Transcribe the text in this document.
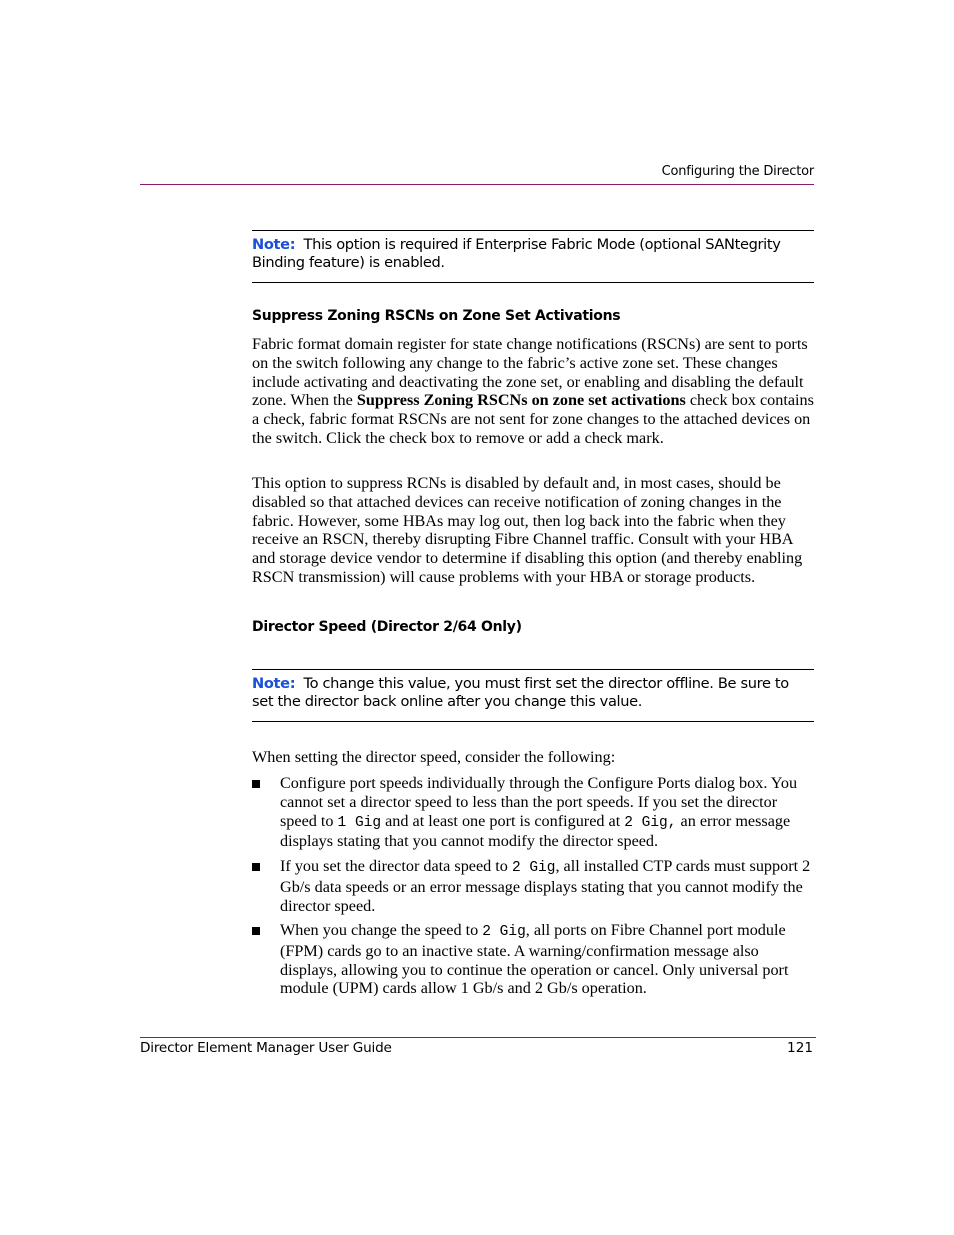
Configuring the Director
Note: This option is required if Enterprise Fabric Mode (optional SANtegrity Binding feature) is enabled.
Suppress Zoning RSCNs on Zone Set Activations

Fabric format domain register for state change notifications (RSCNs) are sent to ports on the switch following any change to the fabric’s active zone set. These changes include activating and deactivating the zone set, or enabling and disabling the default zone. When the Suppress Zoning RSCNs on zone set activations check box contains a check, fabric format RSCNs are not sent for zone changes to the attached devices on the switch. Click the check box to remove or add a check mark.

This option to suppress RCNs is disabled by default and, in most cases, should be disabled so that attached devices can receive notification of zoning changes in the fabric. However, some HBAs may log out, then log back into the fabric when they receive an RSCN, thereby disrupting Fibre Channel traffic. Consult with your HBA and storage device vendor to determine if disabling this option (and thereby enabling RSCN transmission) will cause problems with your HBA or storage products.

Director Speed (Director 2/64 Only)
Note: To change this value, you must first set the director offline. Be sure to set the director back online after you change this value.

When setting the director speed, consider the following:

Configure port speeds individually through the Configure Ports dialog box. You cannot set a director speed to less than the port speeds. If you set the director speed to 1 Gig and at least one port is configured at 2 Gig, an error message displays stating that you cannot modify the director speed.
If you set the director data speed to 2 Gig, all installed CTP cards must support 2 Gb/s data speeds or an error message displays stating that you cannot modify the director speed.
When you change the speed to 2 Gig, all ports on Fibre Channel port module (FPM) cards go to an inactive state. A warning/confirmation message also displays, allowing you to continue the operation or cancel. Only universal port module (UPM) cards allow 1 Gb/s and 2 Gb/s operation.
Director Element Manager User Guide	121
